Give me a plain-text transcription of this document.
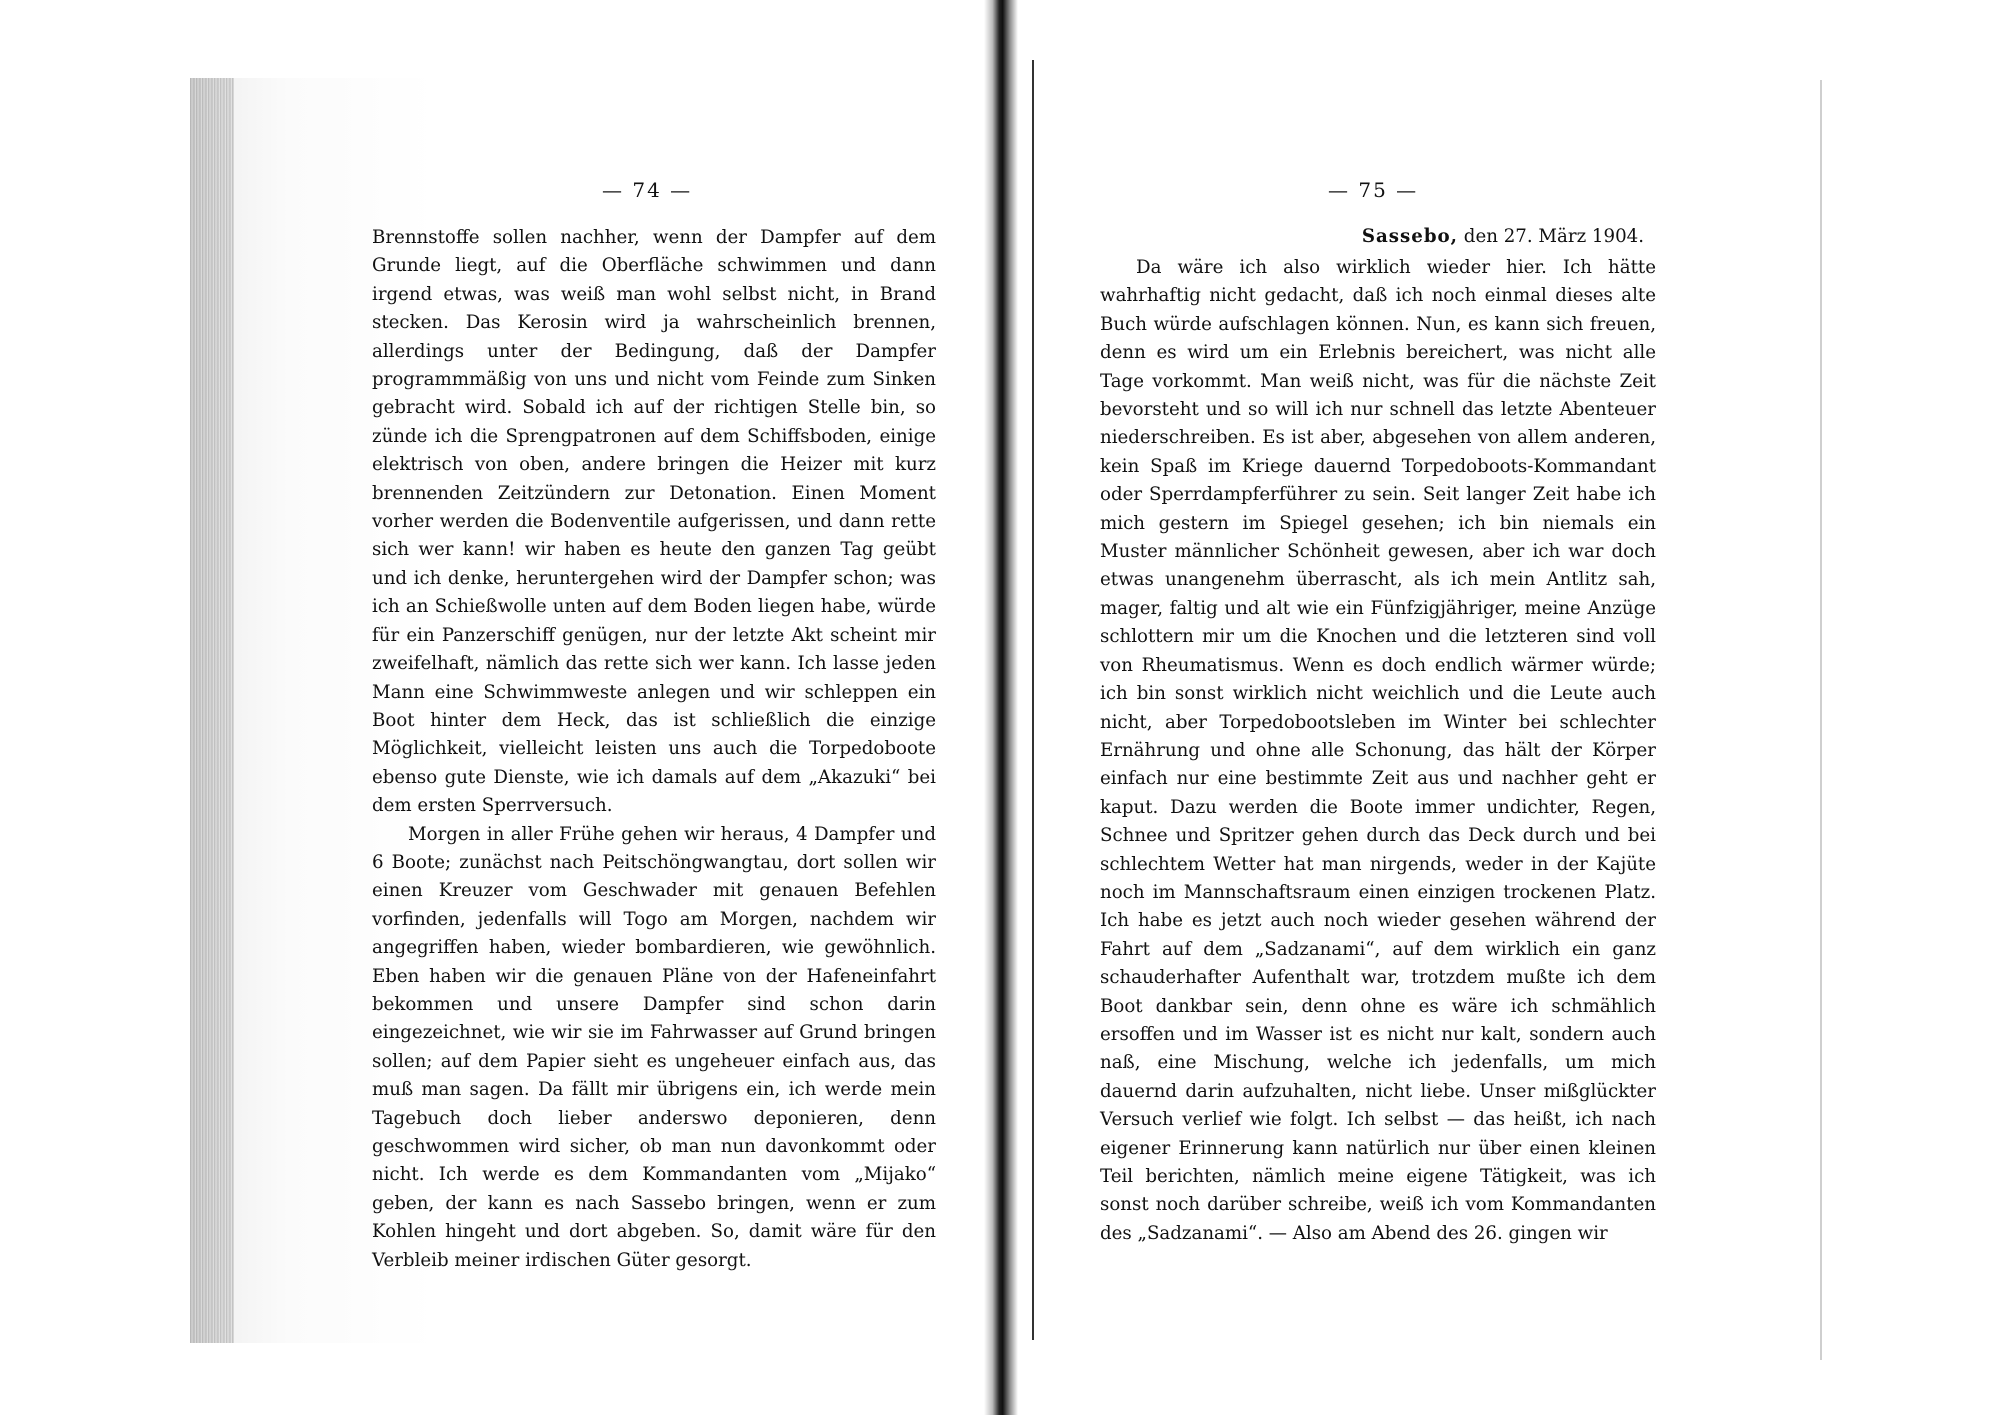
— 74 —	— 75 —

Brennstoffe sollen nachher, wenn der Dampfer auf dem Grunde liegt, auf die Oberfläche schwimmen und dann irgend etwas, was weiß man wohl selbst nicht, in Brand stecken. Das Kerosin wird ja wahrscheinlich brennen, allerdings unter der Bedingung, daß der Dampfer programmmäßig von uns und nicht vom Feinde zum Sinken gebracht wird. Sobald ich auf der richtigen Stelle bin, so zünde ich die Sprengpatronen auf dem Schiffsboden, einige elektrisch von oben, andere bringen die Heizer mit kurz brennenden Zeitzündern zur Detonation. Einen Moment vorher werden die Bodenventile aufgerissen, und dann rette sich wer kann! wir haben es heute den ganzen Tag geübt und ich denke, heruntergehen wird der Dampfer schon; was ich an Schießwolle unten auf dem Boden liegen habe, würde für ein Panzerschiff genügen, nur der letzte Akt scheint mir zweifelhaft, nämlich das rette sich wer kann. Ich lasse jeden Mann eine Schwimmweste anlegen und wir schleppen ein Boot hinter dem Heck, das ist schließlich die einzige Möglichkeit, vielleicht leisten uns auch die Torpedoboote ebenso gute Dienste, wie ich damals auf dem „Akazuki“ bei dem ersten Sperrversuch.

Morgen in aller Frühe gehen wir heraus, 4 Dampfer und 6 Boote; zunächst nach Peitschöngwangtau, dort sollen wir einen Kreuzer vom Geschwader mit genauen Befehlen vorfinden, jedenfalls will Togo am Morgen, nachdem wir angegriffen haben, wieder bombardieren, wie gewöhnlich. Eben haben wir die genauen Pläne von der Hafeneinfahrt bekommen und unsere Dampfer sind schon darin eingezeichnet, wie wir sie im Fahrwasser auf Grund bringen sollen; auf dem Papier sieht es ungeheuer einfach aus, das muß man sagen. Da fällt mir übrigens ein, ich werde mein Tagebuch doch lieber anderswo deponieren, denn geschwommen wird sicher, ob man nun davonkommt oder nicht. Ich werde es dem Kommandanten vom „Mijako“ geben, der kann es nach Sassebo bringen, wenn er zum Kohlen hingeht und dort abgeben. So, damit wäre für den Verbleib meiner irdischen Güter gesorgt.

Sassebo, den 27. März 1904.

Da wäre ich also wirklich wieder hier. Ich hätte wahrhaftig nicht gedacht, daß ich noch einmal dieses alte Buch würde aufschlagen können. Nun, es kann sich freuen, denn es wird um ein Erlebnis bereichert, was nicht alle Tage vorkommt. Man weiß nicht, was für die nächste Zeit bevorsteht und so will ich nur schnell das letzte Abenteuer niederschreiben. Es ist aber, abgesehen von allem anderen, kein Spaß im Kriege dauernd Torpedoboots-Kommandant oder Sperrdampferführer zu sein. Seit langer Zeit habe ich mich gestern im Spiegel gesehen; ich bin niemals ein Muster männlicher Schönheit gewesen, aber ich war doch etwas unangenehm überrascht, als ich mein Antlitz sah, mager, faltig und alt wie ein Fünfzigjähriger, meine Anzüge schlottern mir um die Knochen und die letzteren sind voll von Rheumatismus. Wenn es doch endlich wärmer würde; ich bin sonst wirklich nicht weichlich und die Leute auch nicht, aber Torpedobootsleben im Winter bei schlechter Ernährung und ohne alle Schonung, das hält der Körper einfach nur eine bestimmte Zeit aus und nachher geht er kaput. Dazu werden die Boote immer undichter, Regen, Schnee und Spritzer gehen durch das Deck durch und bei schlechtem Wetter hat man nirgends, weder in der Kajüte noch im Mannschaftsraum einen einzigen trockenen Platz. Ich habe es jetzt auch noch wieder gesehen während der Fahrt auf dem „Sadzanami“, auf dem wirklich ein ganz schauderhafter Aufenthalt war, trotzdem mußte ich dem Boot dankbar sein, denn ohne es wäre ich schmählich ersoffen und im Wasser ist es nicht nur kalt, sondern auch naß, eine Mischung, welche ich jedenfalls, um mich dauernd darin aufzuhalten, nicht liebe. Unser mißglückter Versuch verlief wie folgt. Ich selbst — das heißt, ich nach eigener Erinnerung kann natürlich nur über einen kleinen Teil berichten, nämlich meine eigene Tätigkeit, was ich sonst noch darüber schreibe, weiß ich vom Kommandanten des „Sadzanami“. — Also am Abend des 26. gingen wir
